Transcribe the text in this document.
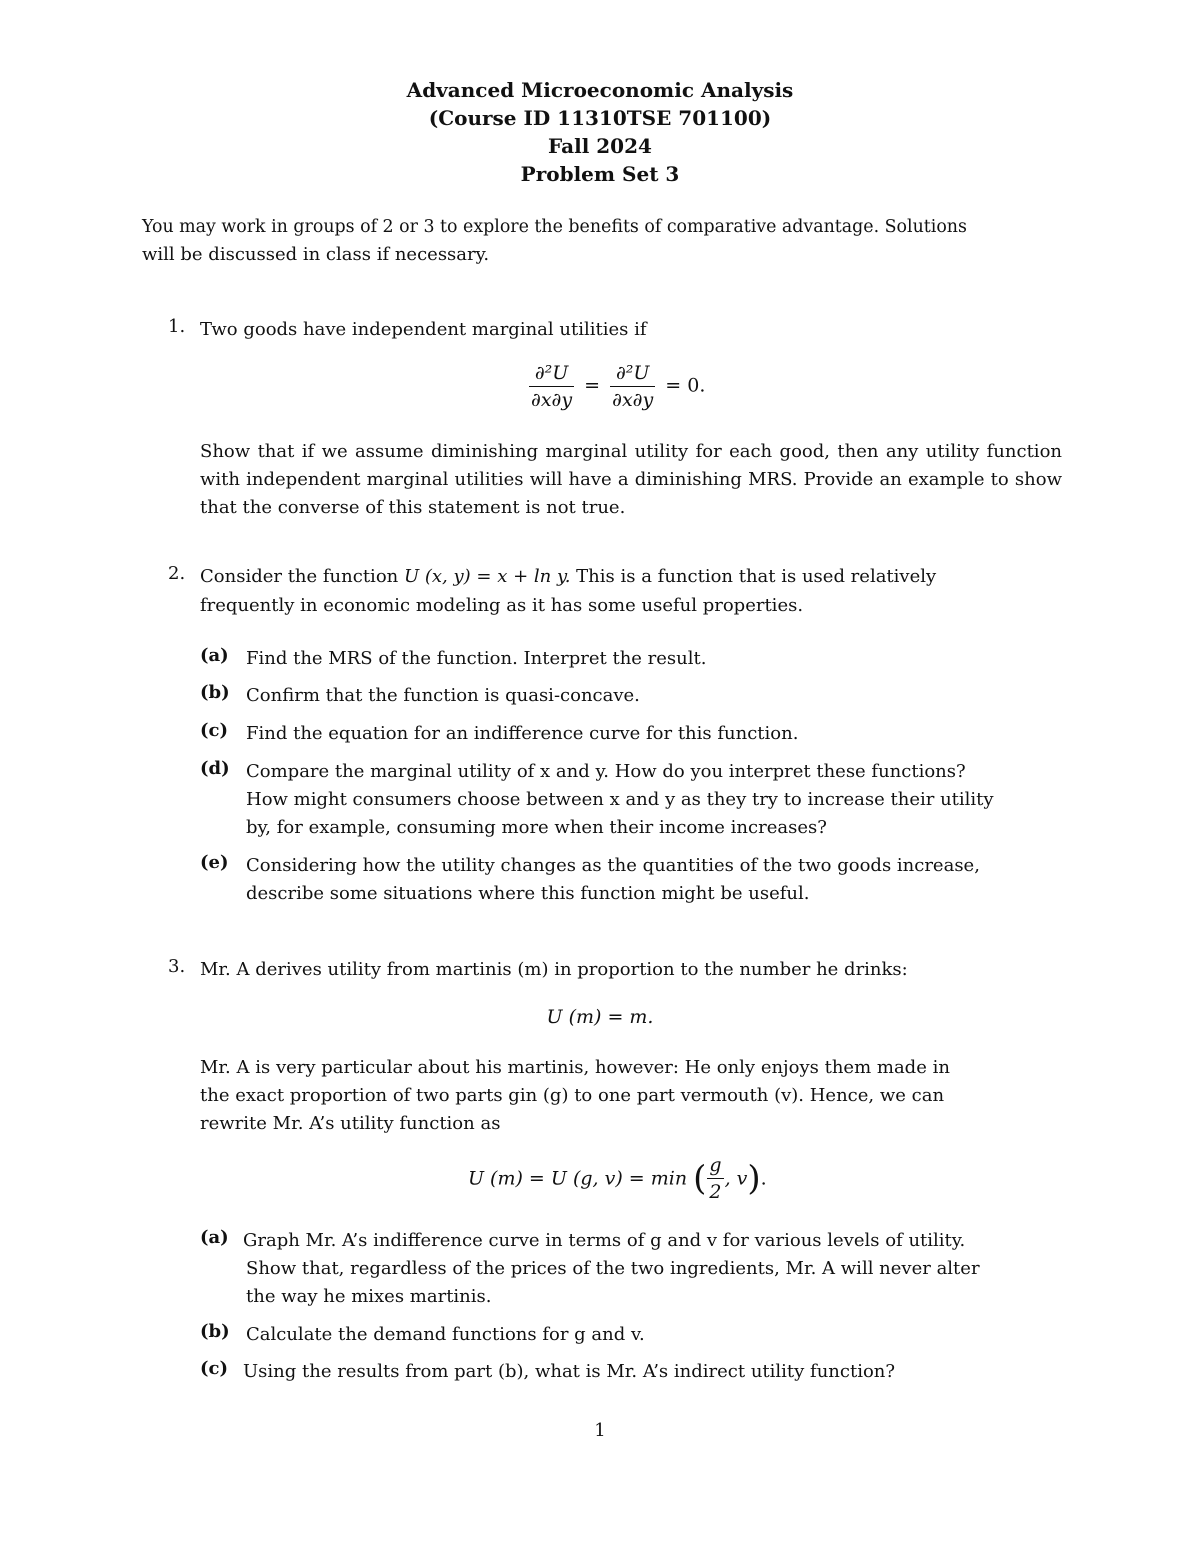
Advanced Microeconomic Analysis
(Course ID 11310TSE 701100)
Fall 2024
Problem Set 3
You may work in groups of 2 or 3 to explore the benefits of comparative advantage. Solutions
will be discussed in class if necessary.
1. Two goods have independent marginal utilities if
$\frac{\text{∂²U}}{\partial x\partial y} = \frac{\text{∂²U}}{\partial x\partial y} = 0$.
Show that if we assume diminishing marginal utility for each good, then any utility function with independent marginal utilities will have a diminishing MRS. Provide an example to show that the converse of this statement is not true.
2. Consider the function U (x, y) = x + ln y. This is a function that is used relatively
frequently in economic modeling as it has some useful properties.
(a) Find the MRS of the function. Interpret the result.
(b) Confirm that the function is quasi-concave.
(c) Find the equation for an indifference curve for this function.
(d) Compare the marginal utility of x and y. How do you interpret these functions?
How might consumers choose between x and y as they try to increase their utility
by, for example, consuming more when their income increases?
(e) Considering how the utility changes as the quantities of the two goods increase,
describe some situations where this function might be useful.
3. Mr. A derives utility from martinis (m) in proportion to the number he drinks:
U (m) = m.
Mr. A is very particular about his martinis, however: He only enjoys them made in
the exact proportion of two parts gin (g) to one part vermouth (v). Hence, we can
rewrite Mr. A’s utility function as
U (m) = U (g, v) = min ( $\frac{g}{2}$ , v).
(a) Graph Mr. A’s indifference curve in terms of g and v for various levels of utility.
Show that, regardless of the prices of the two ingredients, Mr. A will never alter
the way he mixes martinis.
(b) Calculate the demand functions for g and v.
(c) Using the results from part (b), what is Mr. A’s indirect utility function?
1
